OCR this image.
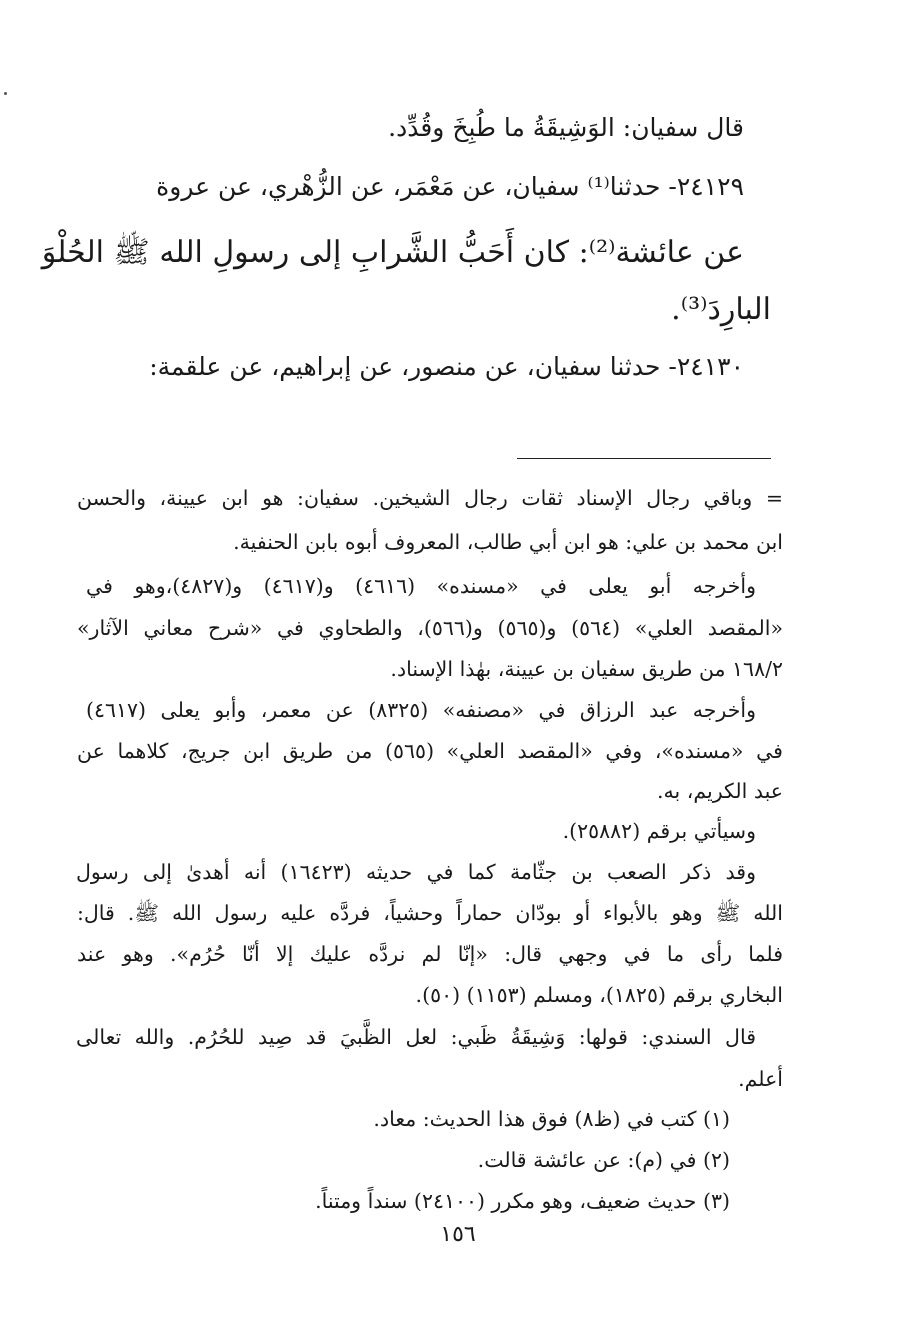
قال سفيان: الوَشِيقَةُ ما طُبِخَ وقُدِّد.
٢٤١٢٩- حدثنا⁽¹⁾ سفيان، عن مَعْمَر، عن الزُّهْري، عن عروة
عن عائشة⁽²⁾: كان أَحَبُّ الشَّرابِ إلى رسولِ الله ﷺ الحُلْوَ
البارِدَ⁽³⁾.
٢٤١٣٠- حدثنا سفيان، عن منصور، عن إبراهيم، عن علقمة:
= وباقي رجال الإسناد ثقات رجال الشيخين. سفيان: هو ابن عيينة، والحسن
ابن محمد بن علي: هو ابن أبي طالب، المعروف أبوه بابن الحنفية.
وأخرجه أبو يعلى في «مسنده» (٤٦١٦) و(٤٦١٧) و(٤٨٢٧)،وهو في
«المقصد العلي» (٥٦٤) و(٥٦٥) و(٥٦٦)، والطحاوي في «شرح معاني الآثار»
١٦٨/٢ من طريق سفيان بن عيينة، بهٰذا الإسناد.
وأخرجه عبد الرزاق في «مصنفه» (٨٣٢٥) عن معمر، وأبو يعلى (٤٦١٧)
في «مسنده»، وفي «المقصد العلي» (٥٦٥) من طريق ابن جريج، كلاهما عن
عبد الكريم، به.
وسيأتي برقم (٢٥٨٨٢).
وقد ذكر الصعب بن جثّامة كما في حديثه (١٦٤٢٣) أنه أهدىٰ إلى رسول
الله ﷺ وهو بالأبواء أو بودّان حماراً وحشياً، فردَّه عليه رسول الله ﷺ. قال:
فلما رأى ما في وجهي قال: «إنّا لم نردَّه عليك إلا أنّا حُرُم». وهو عند
البخاري برقم (١٨٢٥)، ومسلم (١١٥٣) (٥٠).
قال السندي: قولها: وَشِيقَةُ ظَبي: لعل الظَّبيَ قد صِيد للحُرُم. والله تعالى
أعلم.
(١) كتب في (ظ٨) فوق هذا الحديث: معاد.
(٢) في (م): عن عائشة قالت.
(٣) حديث ضعيف، وهو مكرر (٢٤١٠٠) سنداً ومتناً.
١٥٦
